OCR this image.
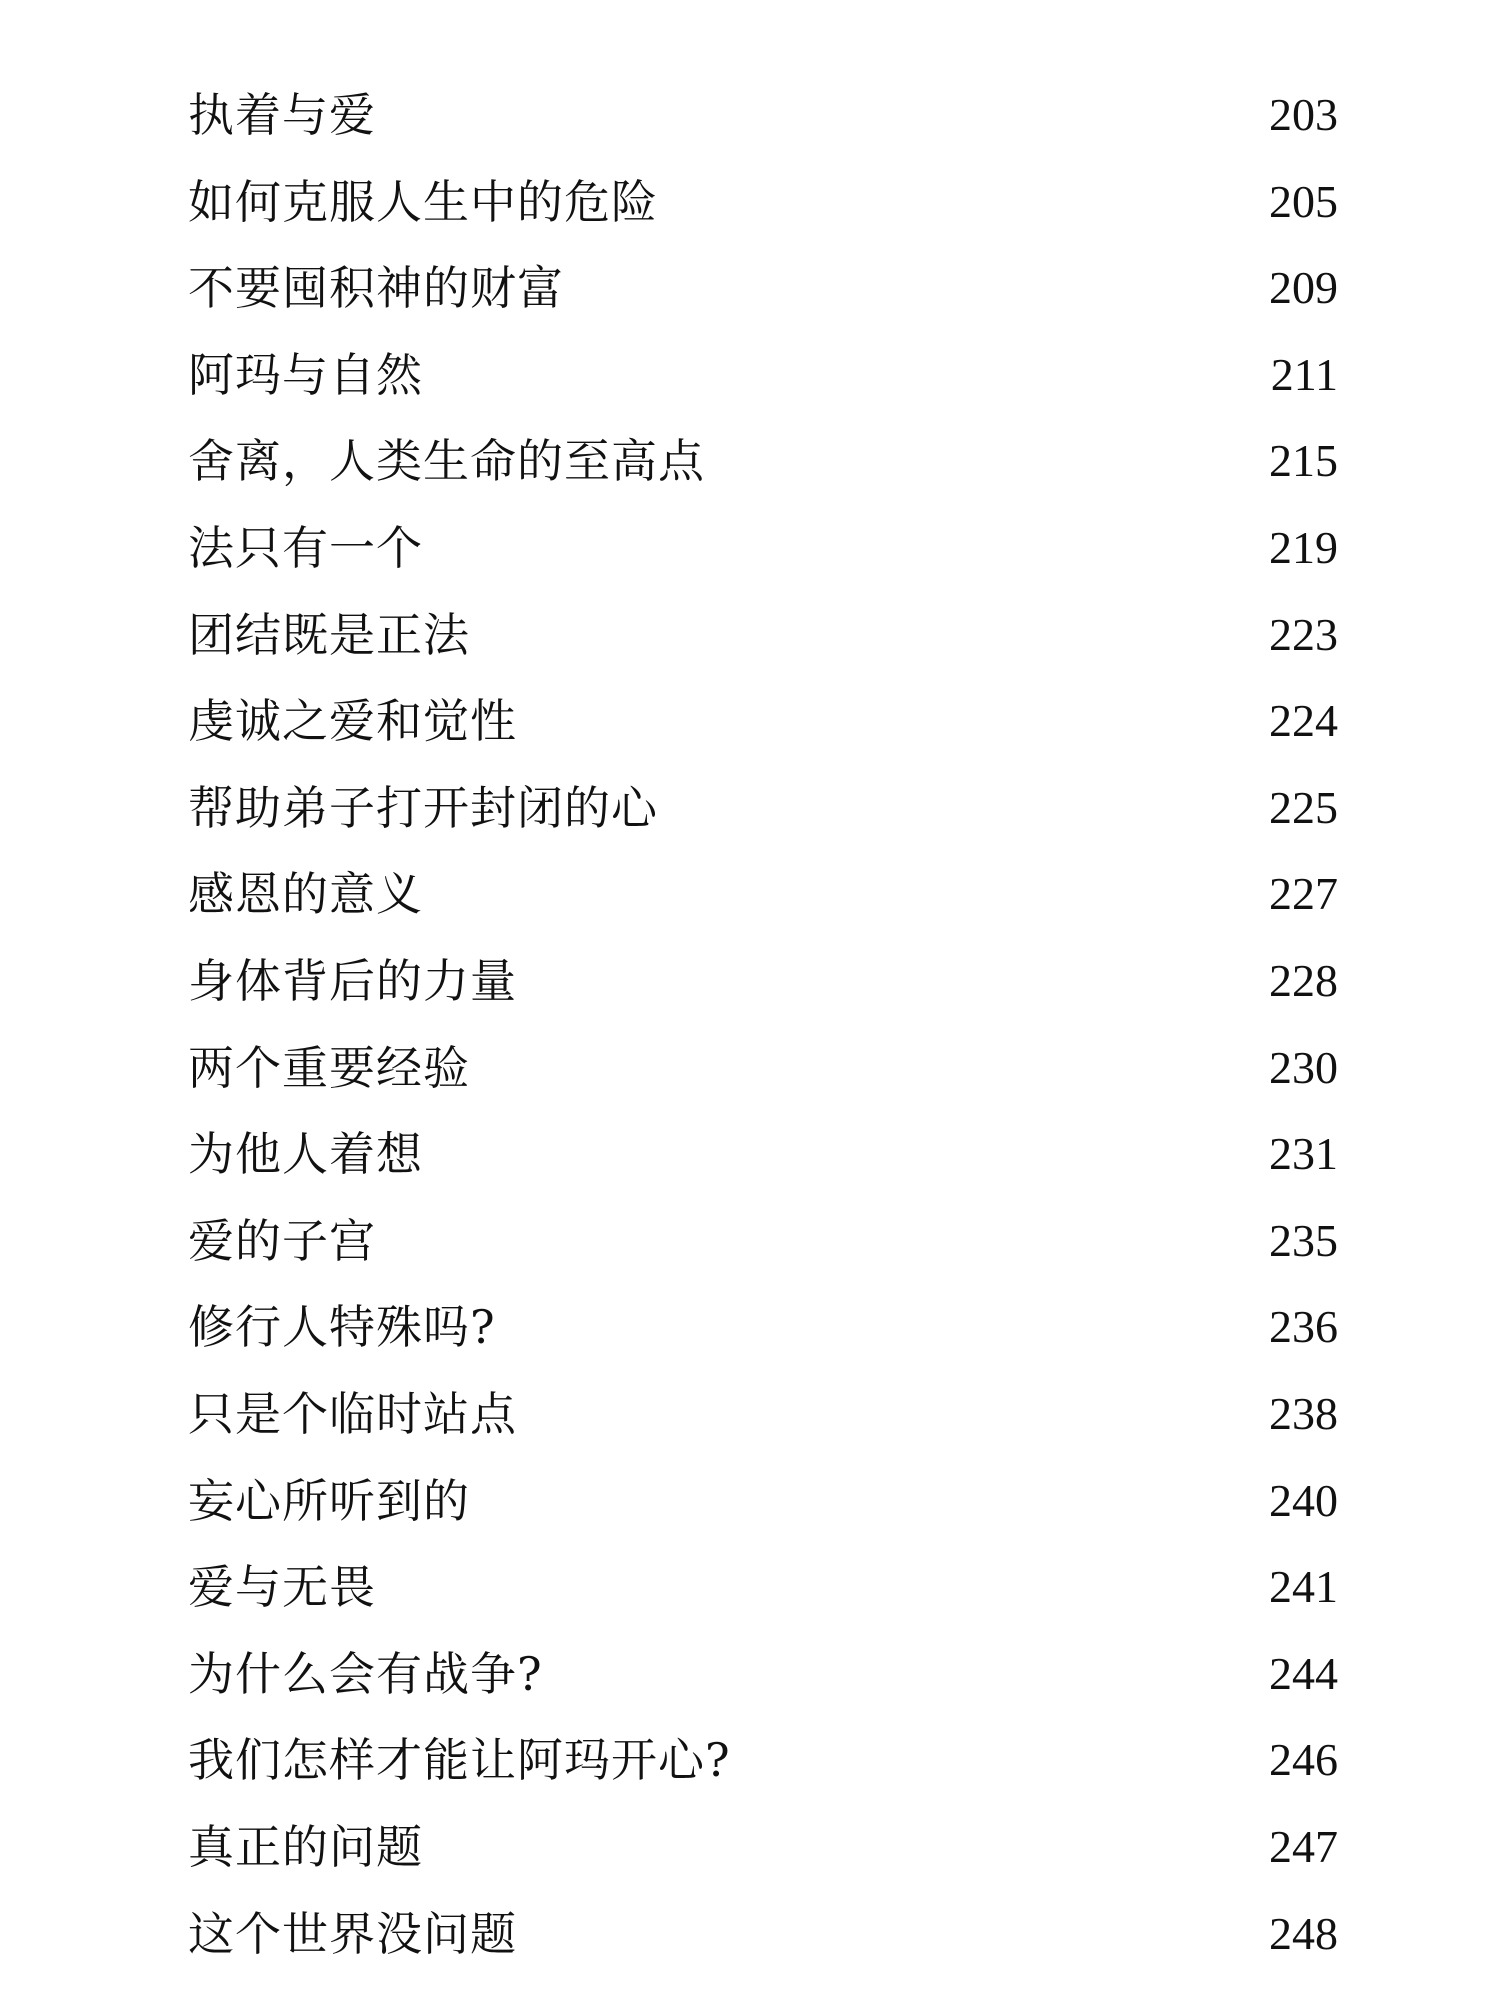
执着与爱	203
如何克服人生中的危险	205
不要囤积神的财富	209
阿玛与自然	211
舍离，人类生命的至高点	215
法只有一个	219
团结既是正法	223
虔诚之爱和觉性	224
帮助弟子打开封闭的心	225
感恩的意义	227
身体背后的力量	228
两个重要经验	230
为他人着想	231
爱的子宫	235
修行人特殊吗?	236
只是个临时站点	238
妄心所听到的	240
爱与无畏	241
为什么会有战争?	244
我们怎样才能让阿玛开心?	246
真正的问题	247
这个世界没问题	248
